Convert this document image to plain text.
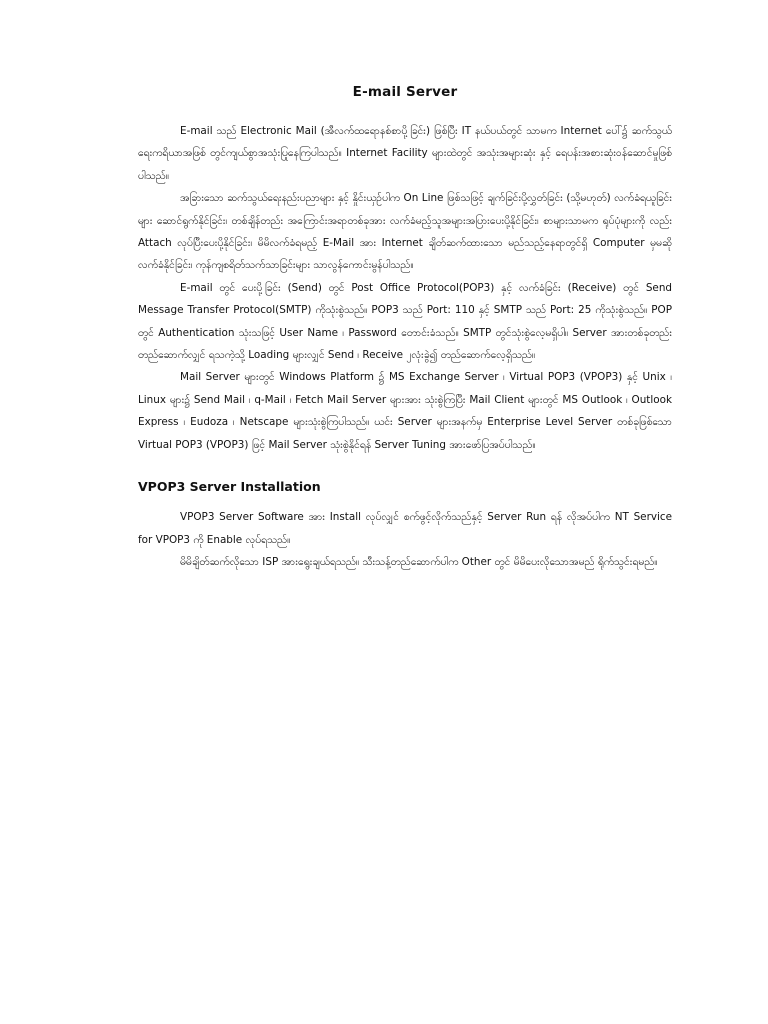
E-mail Server

E-mail သည် Electronic Mail (အီလက်ထရောနစ်စာပို့ခြင်း) ဖြစ်ပြီး IT နယ်ပယ်တွင် သာမက Internet ပေါ်၌ ဆက်သွယ်ရေးကရိယာအဖြစ် တွင်ကျယ်စွာအသုံးပြုနေကြပါသည်။ Internet Facility များထဲတွင် အသုံးအများဆုံး နှင့် ရေပန်းအစားဆုံးဝန်ဆောင်မှုဖြစ်ပါသည်။

အခြားသော ဆက်သွယ်ရေးနည်းပညာများ နှင့် နှိုင်းယှဉ်ပါက On Line ဖြစ်သဖြင့် ချက်ခြင်းပို့လွှတ်ခြင်း (သို့မဟုတ်) လက်ခံရယူခြင်းများ ဆောင်ရွက်နိုင်ခြင်း၊ တစ်ချိန်တည်း အကြောင်းအရာတစ်ခုအား လက်ခံမည့်သူအများအပြားပေးပို့နိုင်ခြင်း၊ စာများသာမက ရုပ်ပုံများကို လည်း Attach လုပ်ပြီးပေးပို့နိုင်ခြင်း၊ မိမိလက်ခံရမည့် E-Mail အား Internet ချိတ်ဆက်ထားသော မည်သည့်နေရာတွင်ရှိ Computer မှမဆိုလက်ခံနိုင်ခြင်း၊ ကုန်ကျစရိတ်သက်သာခြင်းများ သာလွန်ကောင်းမွန်ပါသည်။

E-mail တွင် ပေးပို့ခြင်း (Send) တွင် Post Office Protocol(POP3) နှင့် လက်ခံခြင်း (Receive) တွင် Send Message Transfer Protocol(SMTP) ကိုသုံးစွဲသည်။ POP3 သည် Port: 110 နှင့် SMTP သည် Port: 25 ကိုသုံးစွဲသည်။ POP တွင် Authentication သုံးသဖြင့် User Name ၊ Password တောင်းခံသည်။ SMTP တွင်သုံးစွဲလေ့မရှိပါ။ Server အားတစ်ခုတည်း တည်ဆောက်လျှင် ရသကဲ့သို့ Loading များလျှင် Send ၊ Receive ၂လုံးခွဲ၍ တည်ဆောက်လေ့ရှိသည်။

Mail Server များတွင် Windows Platform ၌ MS Exchange Server ၊ Virtual POP3 (VPOP3) နှင့် Unix ၊ Linux များ၌ Send Mail ၊ q-Mail ၊ Fetch Mail Server များအား သုံးစွဲကြပြီး Mail Client များတွင် MS Outlook ၊ Outlook Express ၊ Eudoza ၊ Netscape များသုံးစွဲကြပါသည်။ ယင်း Server များအနက်မှ Enterprise Level Server တစ်ခုဖြစ်သော Virtual POP3 (VPOP3) ဖြင့် Mail Server သုံးစွဲနိုင်ရန် Server Tuning အားဖော်ပြအပ်ပါသည်။

VPOP3 Server Installation

VPOP3 Server Software အား Install လုပ်လျှင် စက်ဖွင့်လိုက်သည်နှင့် Server Run ရန် လိုအပ်ပါက NT Service for VPOP3 ကို Enable လုပ်ရသည်။

မိမိချိတ်ဆက်လိုသော ISP အားရွေးချယ်ရသည်။ သီးသန့်တည်ဆောက်ပါက Other တွင် မိမိပေးလိုသောအမည် ရိုက်သွင်းရမည်။
